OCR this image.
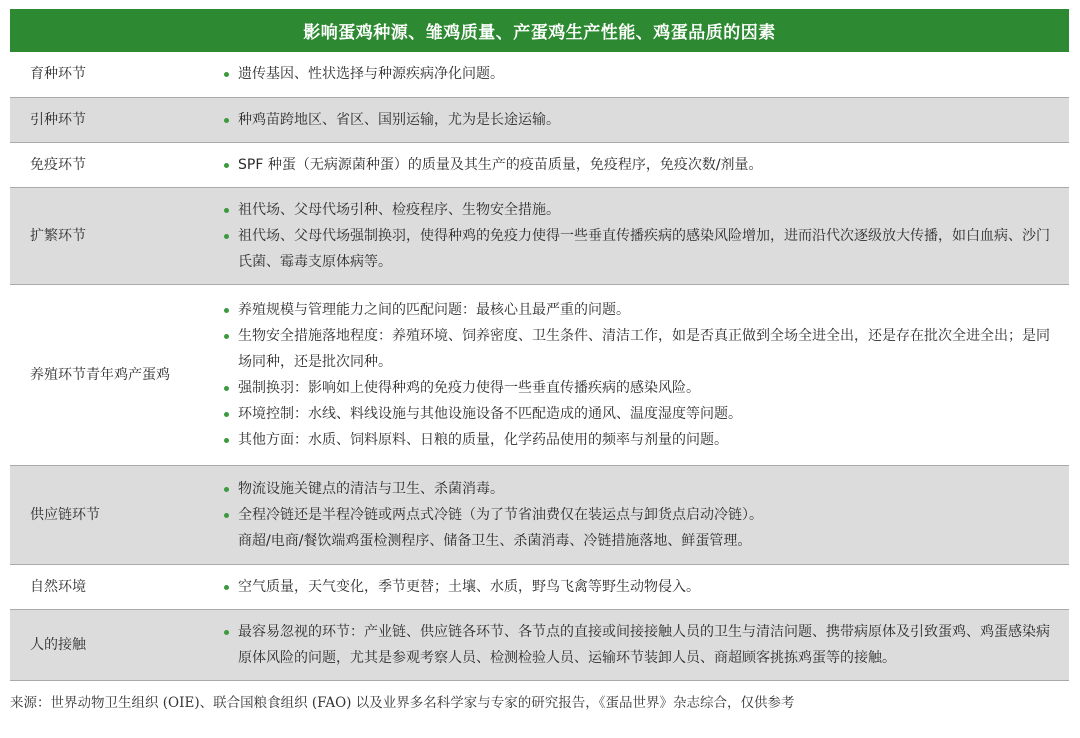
影响蛋鸡种源、雏鸡质量、产蛋鸡生产性能、鸡蛋品质的因素
育种环节	遗传基因、性状选择与种源疾病净化问题。

引种环节	种鸡苗跨地区、省区、国别运输，尤为是长途运输。

免疫环节	SPF 种蛋（无病源菌种蛋）的质量及其生产的疫苗质量，免疫程序，免疫次数/剂量。

扩繁环节	祖代场、父母代场引种、检疫程序、生物安全措施。
祖代场、父母代场强制换羽，使得种鸡的免疫力使得一些垂直传播疾病的感染风险增加，进而沿代次逐级放大传播，如白血病、沙门氏菌、霉毒支原体病等。

养殖环节青年鸡产蛋鸡	养殖规模与管理能力之间的匹配问题：最核心且最严重的问题。
生物安全措施落地程度：养殖环境、饲养密度、卫生条件、清洁工作，如是否真正做到全场全进全出，还是存在批次全进全出；是同场同种，还是批次同种。
强制换羽：影响如上使得种鸡的免疫力使得一些垂直传播疾病的感染风险。
环境控制：水线、料线设施与其他设施设备不匹配造成的通风、温度湿度等问题。
其他方面：水质、饲料原料、日粮的质量，化学药品使用的频率与剂量的问题。

供应链环节	物流设施关键点的清洁与卫生、杀菌消毒。
全程冷链还是半程冷链或两点式冷链（为了节省油费仅在装运点与卸货点启动冷链）。
商超/电商/餐饮端鸡蛋检测程序、储备卫生、杀菌消毒、冷链措施落地、鲜蛋管理。

自然环境	空气质量，天气变化，季节更替；土壤、水质，野鸟飞禽等野生动物侵入。

人的接触	最容易忽视的环节：产业链、供应链各环节、各节点的直接或间接接触人员的卫生与清洁问题、携带病原体及引致蛋鸡、鸡蛋感染病原体风险的问题，尤其是参观考察人员、检测检验人员、运输环节装卸人员、商超顾客挑拣鸡蛋等的接触。
来源：世界动物卫生组织 (OIE)、联合国粮食组织 (FAO) 以及业界多名科学家与专家的研究报告，《蛋品世界》杂志综合，仅供参考
